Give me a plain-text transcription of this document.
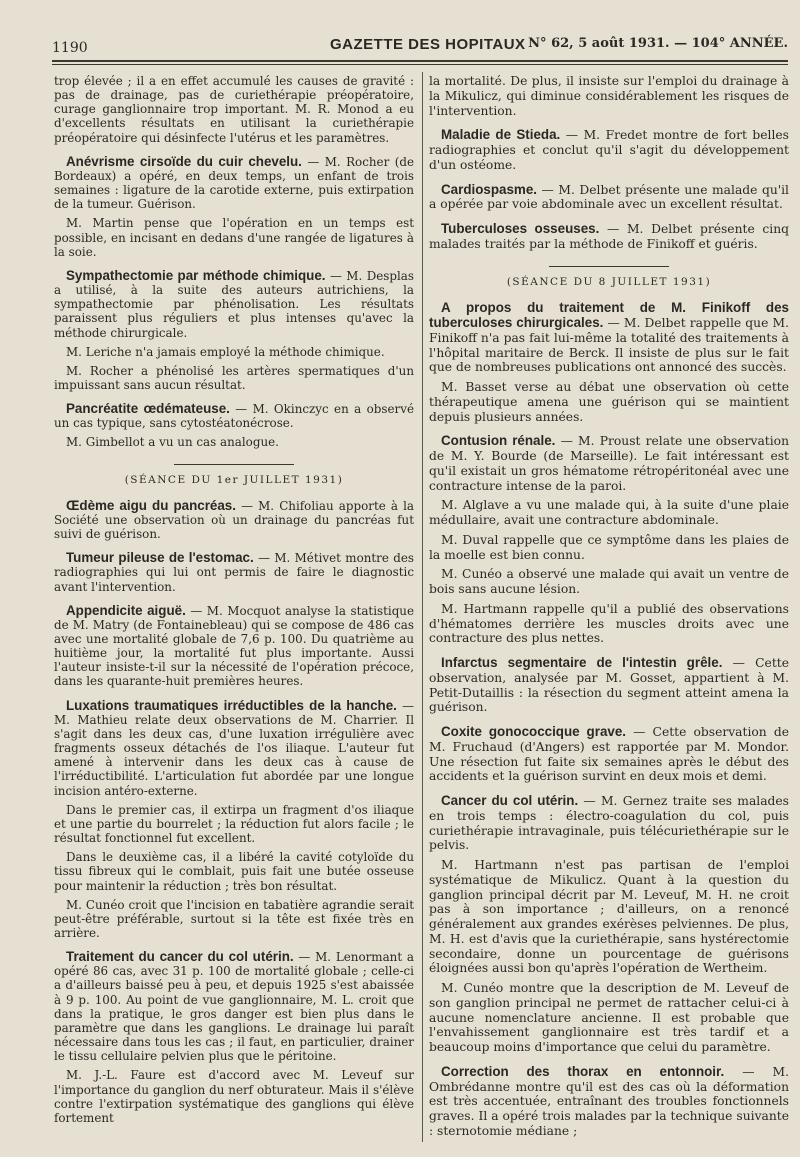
1190	GAZETTE DES HOPITAUX N° 62, 5 août 1931. — 104° ANNÉE.

trop élevée ; il a en effet accumulé les causes de gravité : pas de drainage, pas de curiethérapie préopératoire, curage ganglionnaire trop important. M. R. Monod a eu d'excellents résultats en utilisant la curiethérapie préopératoire qui désinfecte l'utérus et les paramètres.

Anévrisme cirsoïde du cuir chevelu. — M. Rocher (de Bordeaux) a opéré, en deux temps, un enfant de trois semaines : ligature de la carotide externe, puis extirpation de la tumeur. Guérison.

M. Martin pense que l'opération en un temps est possible, en incisant en dedans d'une rangée de ligatures à la soie.

Sympathectomie par méthode chimique. — M. Desplas a utilisé, à la suite des auteurs autrichiens, la sympathectomie par phénolisation. Les résultats paraissent plus réguliers et plus intenses qu'avec la méthode chirurgicale.

M. Leriche n'a jamais employé la méthode chimique.

M. Rocher a phénolisé les artères spermatiques d'un impuissant sans aucun résultat.

Pancréatite œdémateuse. — M. Okinczyc en a observé un cas typique, sans cytostéatonécrose.

M. Gimbellot a vu un cas analogue.

(SÉANCE DU 1er JUILLET 1931)

Œdème aigu du pancréas. — M. Chifoliau apporte à la Société une observation où un drainage du pancréas fut suivi de guérison.

Tumeur pileuse de l'estomac. — M. Métivet montre des radiographies qui lui ont permis de faire le diagnostic avant l'intervention.

Appendicite aiguë. — M. Mocquot analyse la statistique de M. Matry (de Fontainebleau) qui se compose de 486 cas avec une mortalité globale de 7,6 p. 100. Du quatrième au huitième jour, la mortalité fut plus importante. Aussi l'auteur insiste-t-il sur la nécessité de l'opération précoce, dans les quarante-huit premières heures.

Luxations traumatiques irréductibles de la hanche. — M. Mathieu relate deux observations de M. Charrier. Il s'agit dans les deux cas, d'une luxation irrégulière avec fragments osseux détachés de l'os iliaque. L'auteur fut amené à intervenir dans les deux cas à cause de l'irréductibilité. L'articulation fut abordée par une longue incision antéro-externe.

Dans le premier cas, il extirpa un fragment d'os iliaque et une partie du bourrelet ; la réduction fut alors facile ; le résultat fonctionnel fut excellent.

Dans le deuxième cas, il a libéré la cavité cotyloïde du tissu fibreux qui le comblait, puis fait une butée osseuse pour maintenir la réduction ; très bon résultat.

M. Cunéo croit que l'incision en tabatière agrandie serait peut-être préférable, surtout si la tête est fixée très en arrière.

Traitement du cancer du col utérin. — M. Lenormant a opéré 86 cas, avec 31 p. 100 de mortalité globale ; celle-ci a d'ailleurs baissé peu à peu, et depuis 1925 s'est abaissée à 9 p. 100. Au point de vue ganglionnaire, M. L. croit que dans la pratique, le gros danger est bien plus dans le paramètre que dans les ganglions. Le drainage lui paraît nécessaire dans tous les cas ; il faut, en particulier, drainer le tissu cellulaire pelvien plus que le péritoine.

M. J.-L. Faure est d'accord avec M. Leveuf sur l'importance du ganglion du nerf obturateur. Mais il s'élève contre l'extirpation systématique des ganglions qui élève fortement

la mortalité. De plus, il insiste sur l'emploi du drainage à la Mikulicz, qui diminue considérablement les risques de l'intervention.

Maladie de Stieda. — M. Fredet montre de fort belles radiographies et conclut qu'il s'agit du développement d'un ostéome.

Cardiospasme. — M. Delbet présente une malade qu'il a opérée par voie abdominale avec un excellent résultat.

Tuberculoses osseuses. — M. Delbet présente cinq malades traités par la méthode de Finikoff et guéris.

(SÉANCE DU 8 JUILLET 1931)

A propos du traitement de M. Finikoff des tuberculoses chirurgicales. — M. Delbet rappelle que M. Finikoff n'a pas fait lui-même la totalité des traitements à l'hôpital maritaire de Berck. Il insiste de plus sur le fait que de nombreuses publications ont annoncé des succès.

M. Basset verse au débat une observation où cette thérapeutique amena une guérison qui se maintient depuis plusieurs années.

Contusion rénale. — M. Proust relate une observation de M. Y. Bourde (de Marseille). Le fait intéressant est qu'il existait un gros hématome rétropéritonéal avec une contracture intense de la paroi.

M. Alglave a vu une malade qui, à la suite d'une plaie médullaire, avait une contracture abdominale.

M. Duval rappelle que ce symptôme dans les plaies de la moelle est bien connu.

M. Cunéo a observé une malade qui avait un ventre de bois sans aucune lésion.

M. Hartmann rappelle qu'il a publié des observations d'hématomes derrière les muscles droits avec une contracture des plus nettes.

Infarctus segmentaire de l'intestin grêle. — Cette observation, analysée par M. Gosset, appartient à M. Petit-Dutaillis : la résection du segment atteint amena la guérison.

Coxite gonococcique grave. — Cette observation de M. Fruchaud (d'Angers) est rapportée par M. Mondor. Une résection fut faite six semaines après le début des accidents et la guérison survint en deux mois et demi.

Cancer du col utérin. — M. Gernez traite ses malades en trois temps : électro-coagulation du col, puis curiethérapie intravaginale, puis télécuriethérapie sur le pelvis.

M. Hartmann n'est pas partisan de l'emploi systématique de Mikulicz. Quant à la question du ganglion principal décrit par M. Leveuf, M. H. ne croit pas à son importance ; d'ailleurs, on a renoncé généralement aux grandes exérèses pelviennes. De plus, M. H. est d'avis que la curiethérapie, sans hystérectomie secondaire, donne un pourcentage de guérisons éloignées aussi bon qu'après l'opération de Wertheim.

M. Cunéo montre que la description de M. Leveuf de son ganglion principal ne permet de rattacher celui-ci à aucune nomenclature ancienne. Il est probable que l'envahissement ganglionnaire est très tardif et a beaucoup moins d'importance que celui du paramètre.

Correction des thorax en entonnoir. — M. Ombrédanne montre qu'il est des cas où la déformation est très accentuée, entraînant des troubles fonctionnels graves. Il a opéré trois malades par la technique suivante : sternotomie médiane ;
